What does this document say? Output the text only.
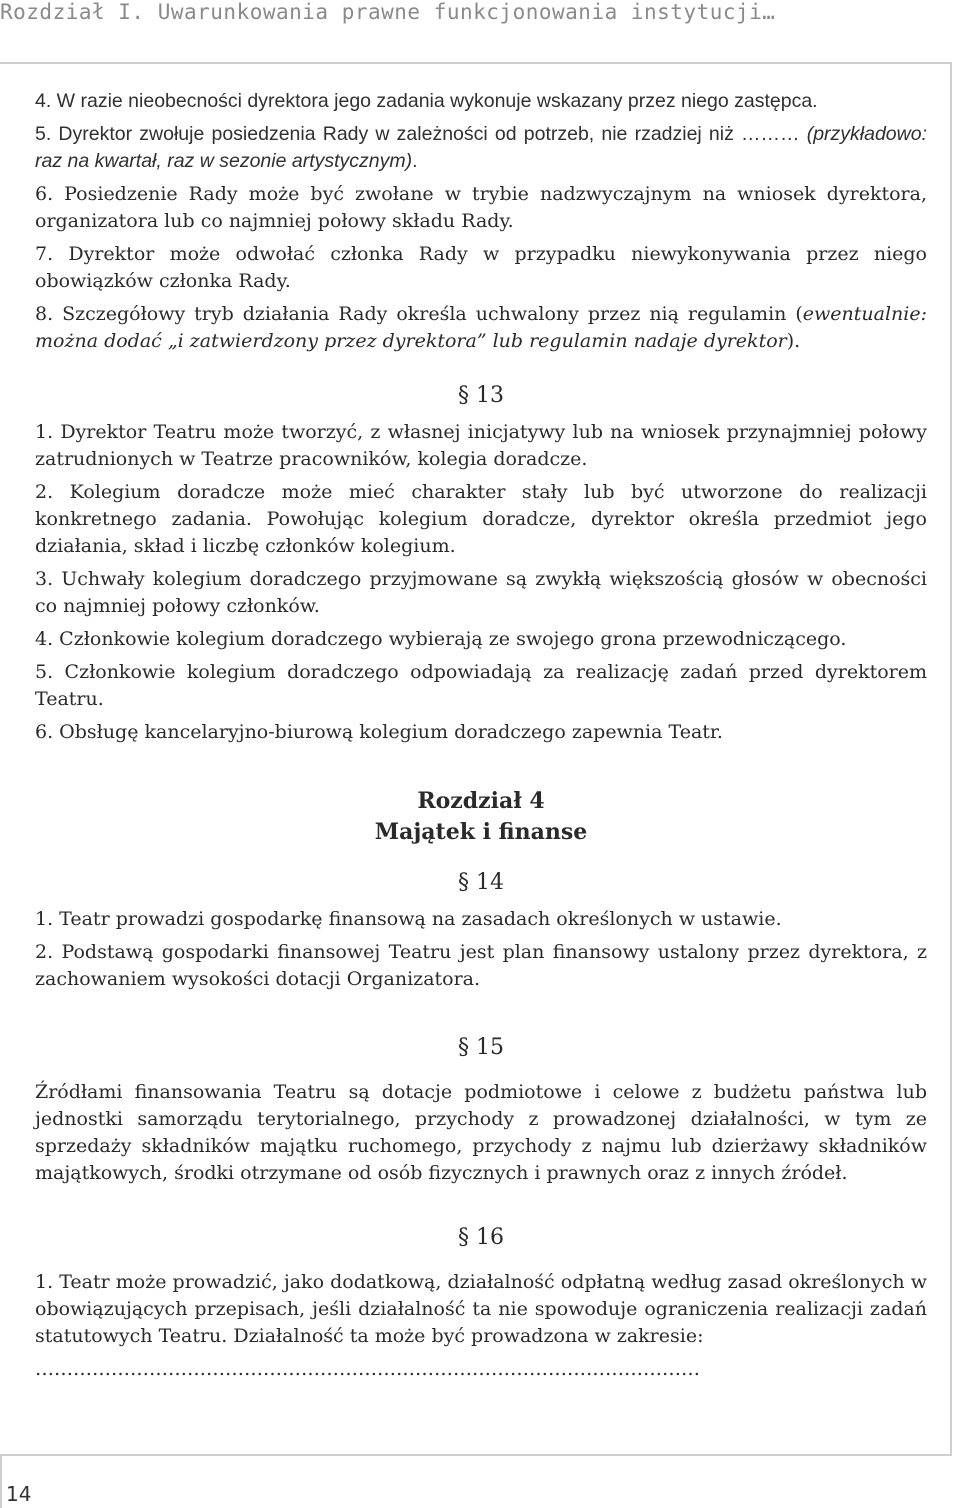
Rozdział I. Uwarunkowania prawne funkcjonowania instytucji…

4. W razie nieobecności dyrektora jego zadania wykonuje wskazany przez niego zastępca.

5. Dyrektor zwołuje posiedzenia Rady w zależności od potrzeb, nie rzadziej niż ……… (przykładowo: raz na kwartał, raz w sezonie artystycznym).

6. Posiedzenie Rady może być zwołane w trybie nadzwyczajnym na wniosek dyrektora, organizatora lub co najmniej połowy składu Rady.

7. Dyrektor może odwołać członka Rady w przypadku niewykonywania przez niego obowiązków członka Rady.

8. Szczegółowy tryb działania Rady określa uchwalony przez nią regulamin (ewentualnie: można dodać „i zatwierdzony przez dyrektora” lub regulamin nadaje dyrektor).

§ 13

1. Dyrektor Teatru może tworzyć, z własnej inicjatywy lub na wniosek przynajmniej połowy zatrudnionych w Teatrze pracowników, kolegia doradcze.

2. Kolegium doradcze może mieć charakter stały lub być utworzone do realizacji konkretnego zadania. Powołując kolegium doradcze, dyrektor określa przedmiot jego działania, skład i liczbę członków kolegium.

3. Uchwały kolegium doradczego przyjmowane są zwykłą większością głosów w obecności co najmniej połowy członków.

4. Członkowie kolegium doradczego wybierają ze swojego grona przewodniczącego.

5. Członkowie kolegium doradczego odpowiadają za realizację zadań przed dyrektorem Teatru.

6. Obsługę kancelaryjno-biurową kolegium doradczego zapewnia Teatr.

Rozdział 4

Majątek i finanse

§ 14

1. Teatr prowadzi gospodarkę finansową na zasadach określonych w ustawie.

2. Podstawą gospodarki finansowej Teatru jest plan finansowy ustalony przez dyrektora, z zachowaniem wysokości dotacji Organizatora.

§ 15

Źródłami finansowania Teatru są dotacje podmiotowe i celowe z budżetu państwa lub jednostki samorządu terytorialnego, przychody z prowadzonej działalności, w tym ze sprzedaży składników majątku ruchomego, przychody z najmu lub dzierżawy składników majątkowych, środki otrzymane od osób fizycznych i prawnych oraz z innych źródeł.

§ 16

1. Teatr może prowadzić, jako dodatkową, działalność odpłatną według zasad określonych w obowiązujących przepisach, jeśli działalność ta nie spowoduje ograniczenia realizacji zadań statutowych Teatru. Działalność ta może być prowadzona w zakresie:

……………………………………………………………………………………………

14
